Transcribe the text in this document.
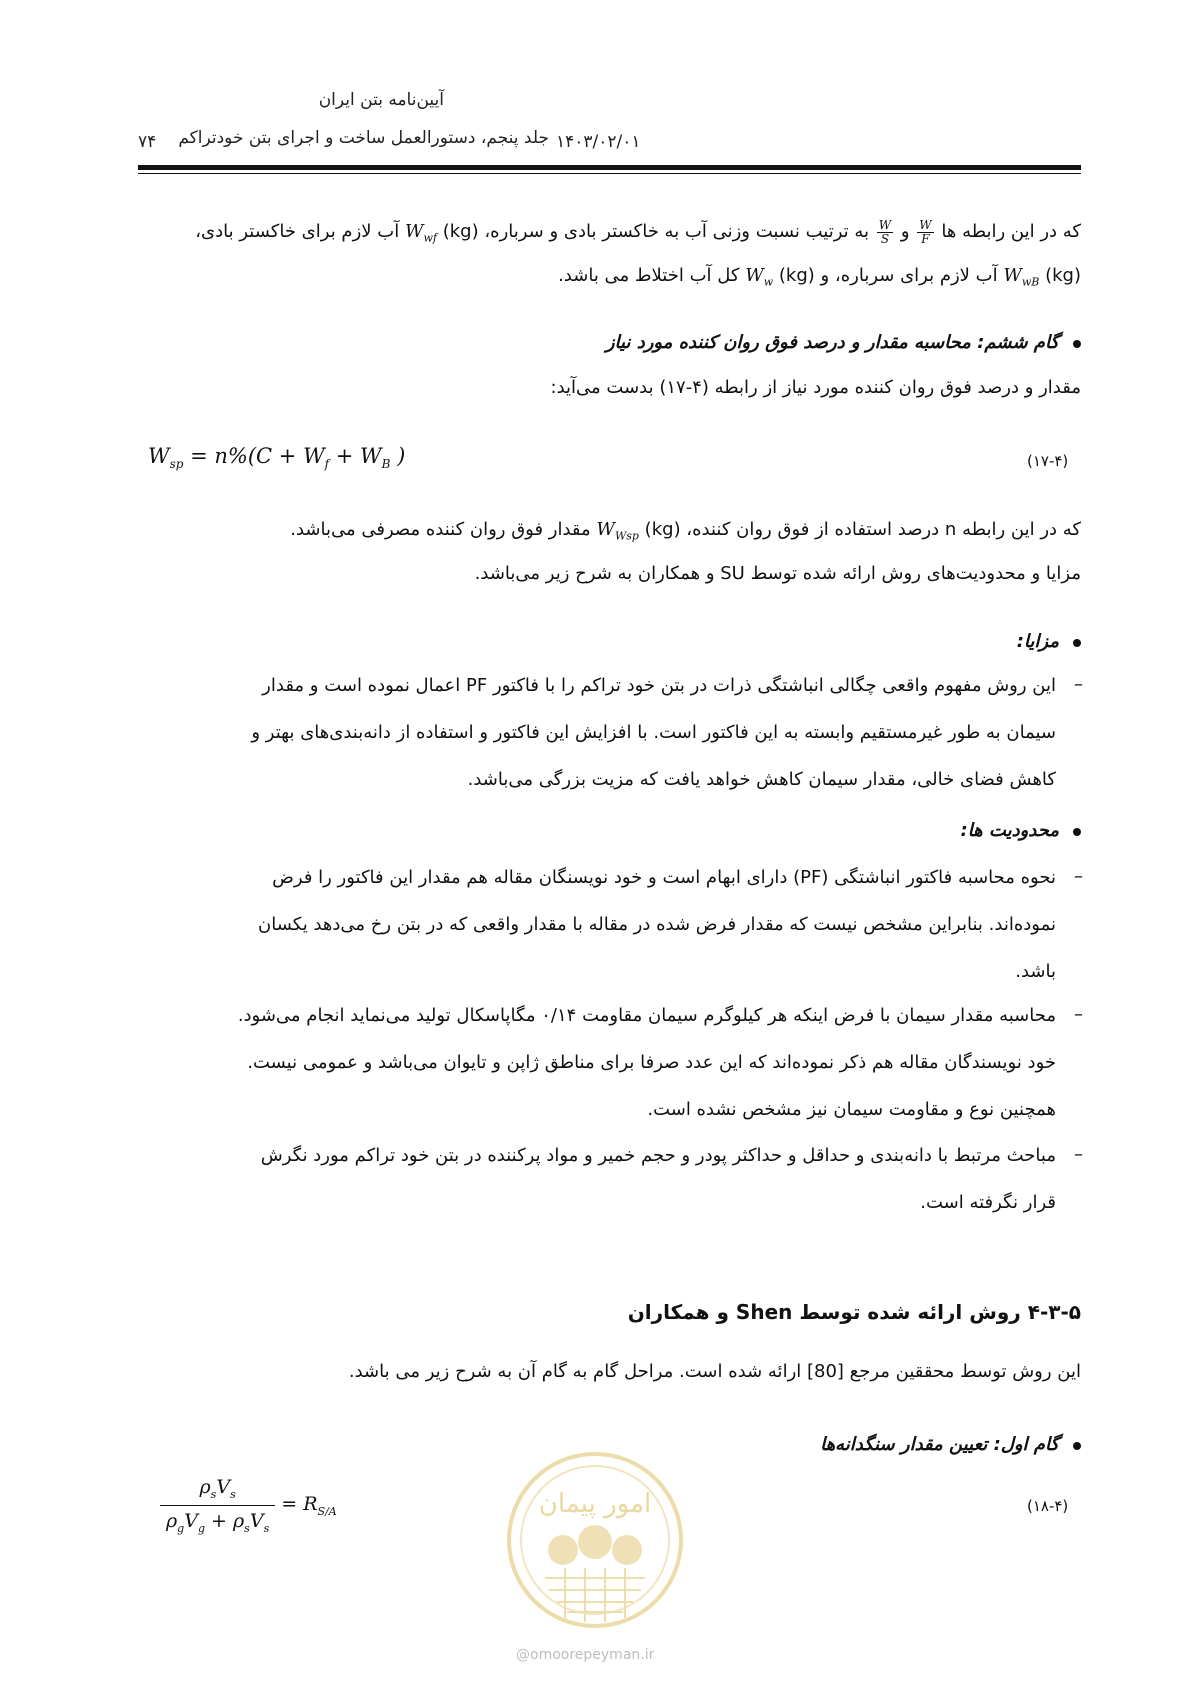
آیین‌نامه بتن ایران
جلد پنجم، دستورالعمل ساخت و اجرای بتن خودتراکم ۱۴۰۳/۰۲/۰۱
۷۴
که در این رابطه ها
$\frac{W}{F}$
و
$\frac{W}{S}$
به ترتیب نسبت وزنی آب به خاکستر بادی و سرباره، (kg) $W_{wf}$ آب لازم برای خاکستر بادی،
(kg) $W_{wB}$ آب لازم برای سرباره، و (kg) $W_w$ کل آب اختلاط می باشد.
گام ششم: محاسبه مقدار و درصد فوق روان کننده مورد نیاز
مقدار و درصد فوق روان کننده مورد نیاز از رابطه (۴-۱۷) بدست می‌آید:
$W_{sp} = n\%(C + W_f + W_B$ )	(۱۷-۴)
که در این رابطه n درصد استفاده از فوق روان کننده، (kg) $W_{Wsp}$ مقدار فوق روان کننده مصرفی می‌باشد.
مزایا و محدودیت‌های روش ارائه شده توسط SU و همکاران به شرح زیر می‌باشد.
مزایا:
–
این روش مفهوم واقعی چگالی انباشتگی ذرات در بتن خود تراکم را با فاکتور PF اعمال نموده است و مقدار
سیمان به طور غیرمستقیم وابسته به این فاکتور است. با افزایش این فاکتور و استفاده از دانه‌بندی‌های بهتر و
کاهش فضای خالی، مقدار سیمان کاهش خواهد یافت که مزیت بزرگی می‌باشد.
محدودیت ها:
–
نحوه محاسبه فاکتور انباشتگی (PF) دارای ابهام است و خود نویسنگان مقاله هم مقدار این فاکتور را فرض
نموده‌اند. بنابراین مشخص نیست که مقدار فرض شده در مقاله با مقدار واقعی که در بتن رخ می‌دهد یکسان
باشد.
–
محاسبه مقدار سیمان با فرض اینکه هر کیلوگرم سیمان مقاومت ۰/۱۴ مگاپاسکال تولید می‌نماید انجام می‌شود.
خود نویسندگان مقاله هم ذکر نموده‌اند که این عدد صرفا برای مناطق ژاپن و تایوان می‌باشد و عمومی نیست.
همچنین نوع و مقاومت سیمان نیز مشخص نشده است.
–
مباحث مرتبط با دانه‌بندی و حداقل و حداکثر پودر و حجم خمیر و مواد پرکننده در بتن خود تراکم مورد نگرش
قرار نگرفته است.
۴-۳-۵ روش ارائه شده توسط Shen و همکاران
این روش توسط محققین مرجع [80] ارائه شده است. مراحل گام به گام آن به شرح زیر می باشد.
گام اول: تعیین مقدار سنگدانه‌ها
$\rho_sV_s$
$\rho_gV_g + \rho_sV_s$
= $R_{S/A}$	(۱۸-۴)
امور پیمان
@omoorepeyman.ir
